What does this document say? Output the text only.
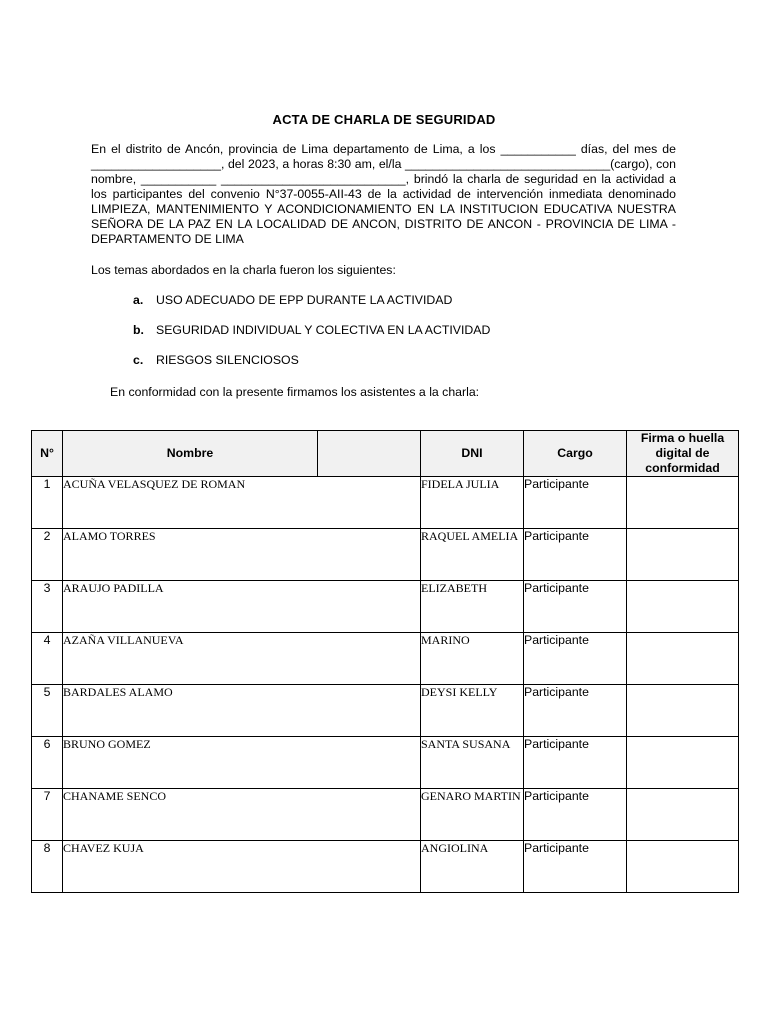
ACTA DE CHARLA DE SEGURIDAD

En el distrito de Ancón, provincia de Lima departamento de Lima, a los ___________ días, del mes de ___________________, del 2023, a horas 8:30 am, el/la ______________________________(cargo), con nombre, ___________ ___________________________, brindó la charla de seguridad en la actividad a los participantes del convenio N°37-0055-AII-43 de la actividad de intervención inmediata denominado LIMPIEZA, MANTENIMIENTO Y ACONDICIONAMIENTO EN LA INSTITUCION EDUCATIVA NUESTRA SEÑORA DE LA PAZ EN LA LOCALIDAD DE ANCON, DISTRITO DE ANCON - PROVINCIA DE LIMA - DEPARTAMENTO DE LIMA

Los temas abordados en la charla fueron los siguientes:
a. USO ADECUADO DE EPP DURANTE LA ACTIVIDAD
b. SEGURIDAD INDIVIDUAL Y COLECTIVA EN LA ACTIVIDAD
c. RIESGOS SILENCIOSOS
En conformidad con la presente firmamos los asistentes a la charla:
N°	Nombre		DNI	Cargo	Firma o huella digital de conformidad
1	ACUÑA VELASQUEZ DE ROMAN		FIDELA JULIA	Participante	
2	ALAMO TORRES		RAQUEL AMELIA	Participante	
3	ARAUJO PADILLA		ELIZABETH	Participante	
4	AZAÑA VILLANUEVA		MARINO	Participante	
5	BARDALES ALAMO		DEYSI KELLY	Participante	
6	BRUNO GOMEZ		SANTA SUSANA	Participante	
7	CHANAME SENCO		GENARO MARTIN	Participante	
8	CHAVEZ KUJA		ANGIOLINA	Participante	
